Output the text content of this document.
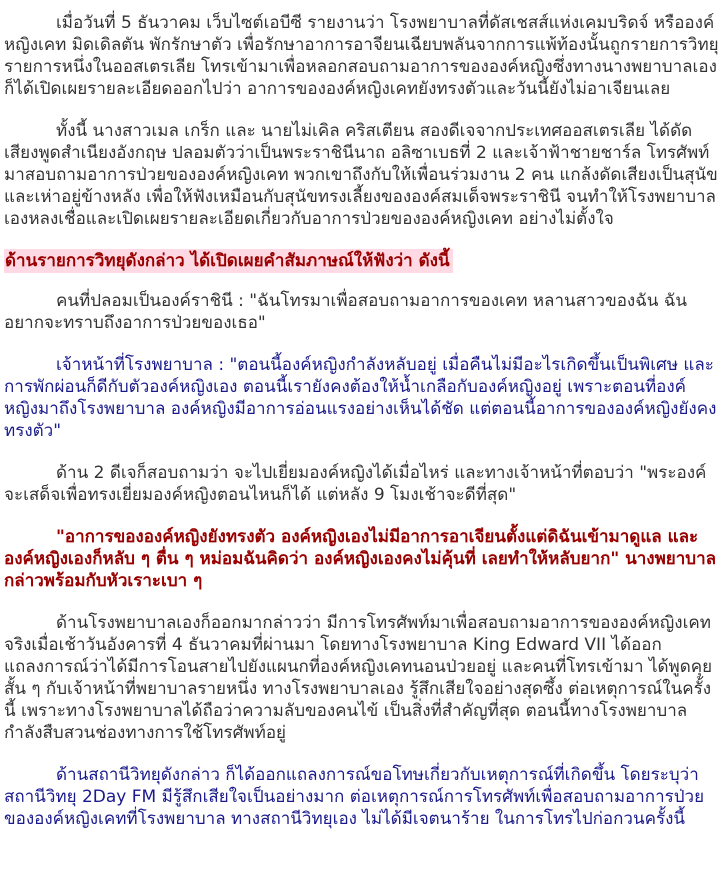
เมื่อวันที่ 5 ธันวาคม เว็บไซต์เอบีซี รายงานว่า โรงพยาบาลที่ดัสเชสส์แห่งเคมบริดจ์ หรือองค์หญิงเคท มิดเดิลตัน พักรักษาตัว เพื่อรักษาอาการอาจียนเฉียบพลันจากการแพ้ท้องนั้นถูกรายการวิทยุรายการหนึ่งในออสเตรเลีย โทรเข้ามาเพื่อหลอกสอบถามอาการขององค์หญิงซึ่งทางนางพยาบาลเอง ก็ได้เปิดเผยรายละเอียดออกไปว่า อาการขององค์หญิงเคทยังทรงตัวและวันนี้ยังไม่อาเจียนเลย

ทั้งนี้ นางสาวเมล เกร็ก และ นายไม่เคิล คริสเตียน สองดีเจจากประเทศออสเตรเลีย ได้ดัดเสียงพูดสำเนียงอังกฤษ ปลอมตัวว่าเป็นพระราชินีนาถ อลิซาเบธที่ 2 และเจ้าฟ้าชายชาร์ล โทรศัพท์มาสอบถามอาการป่วยขององค์หญิงเคท พวกเขาถึงกับให้เพื่อนร่วมงาน 2 คน แกล้งดัดเสียงเป็นสุนัขและเห่าอยู่ข้างหลัง เพื่อให้ฟังเหมือนกับสุนัขทรงเลี้ยงขององค์สมเด็จพระราชินี จนทำให้โรงพยาบาลเองหลงเชื่อและเปิดเผยรายละเอียดเกี่ยวกับอาการป่วยขององค์หญิงเคท อย่างไม่ตั้งใจ

ด้านรายการวิทยุดังกล่าว ได้เปิดเผยคำสัมภาษณ์ให้ฟังว่า ดังนี้

คนที่ปลอมเป็นองค์ราชินี : "ฉันโทรมาเพื่อสอบถามอาการของเคท หลานสาวของฉัน ฉันอยากจะทราบถึงอาการป่วยของเธอ"

เจ้าหน้าที่โรงพยาบาล : "ตอนนี้องค์หญิงกำลังหลับอยู่ เมื่อคืนไม่มีอะไรเกิดขึ้นเป็นพิเศษ และการพักผ่อนก็ดีกับตัวองค์หญิงเอง ตอนนี้เรายังคงต้องให้น้ำเกลือกับองค์หญิงอยู่ เพราะตอนที่องค์หญิงมาถึงโรงพยาบาล องค์หญิงมีอาการอ่อนแรงอย่างเห็นได้ชัด แต่ตอนนี้อาการขององค์หญิงยังคงทรงตัว"

ด้าน 2 ดีเจก็สอบถามว่า จะไปเยี่ยมองค์หญิงได้เมื่อไหร่ และทางเจ้าหน้าที่ตอบว่า "พระองค์จะเสด็จเพื่อทรงเยี่ยมองค์หญิงตอนไหนก็ได้ แต่หลัง 9 โมงเช้าจะดีที่สุด"

"อาการขององค์หญิงยังทรงตัว องค์หญิงเองไม่มีอาการอาเจียนตั้งแต่ดิฉันเข้ามาดูแล และองค์หญิงเองก็หลับ ๆ ตื่น ๆ หม่อมฉันคิดว่า องค์หญิงเองคงไม่คุ้นที่ เลยทำให้หลับยาก" นางพยาบาลกล่าวพร้อมกับหัวเราะเบา ๆ

ด้านโรงพยาบาลเองก็ออกมากล่าวว่า มีการโทรศัพท์มาเพื่อสอบถามอาการขององค์หญิงเคทจริงเมื่อเช้าวันอังคารที่ 4 ธันวาคมที่ผ่านมา โดยทางโรงพยาบาล King Edward VII ได้ออกแถลงการณ์ว่าได้มีการโอนสายไปยังแผนกที่องค์หญิงเคทนอนป่วยอยู่ และคนที่โทรเข้ามา ได้พูดคุยสั้น ๆ กับเจ้าหน้าที่พยาบาลรายหนึ่ง ทางโรงพยาบาลเอง รู้สึกเสียใจอย่างสุดซึ้ง ต่อเหตุการณ์ในครั้งนี้ เพราะทางโรงพยาบาลได้ถือว่าความลับของคนไข้ เป็นสิ่งที่สำคัญที่สุด ตอนนี้ทางโรงพยาบาลกำลังสืบสวนช่องทางการใช้โทรศัพท์อยู่

ด้านสถานีวิทยุดังกล่าว ก็ได้ออกแถลงการณ์ขอโทษเกี่ยวกับเหตุการณ์ที่เกิดขึ้น โดยระบุว่าสถานีวิทยุ 2Day FM มีรู้สึกเสียใจเป็นอย่างมาก ต่อเหตุการณ์การโทรศัพท์เพื่อสอบถามอาการป่วยขององค์หญิงเคทที่โรงพยาบาล ทางสถานีวิทยุเอง ไม่ได้มีเจตนาร้าย ในการโทรไปก่อกวนครั้งนี้
